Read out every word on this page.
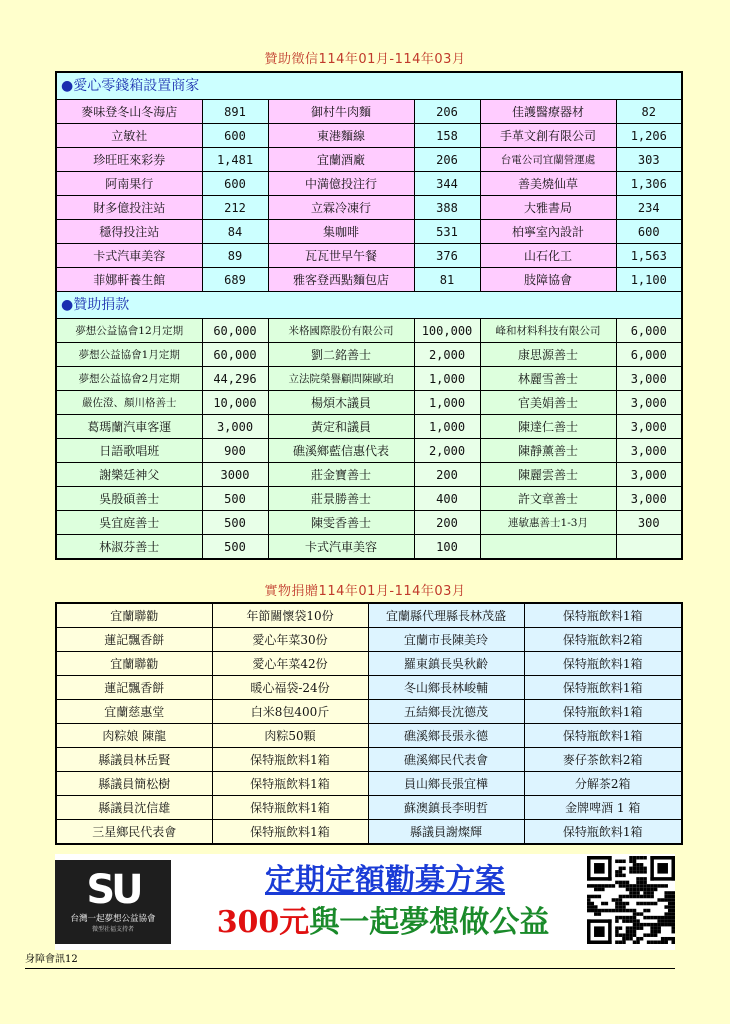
贊助徵信114年01月-114年03月
●愛心零錢箱設置商家					
麥味登冬山冬海店	891	御村牛肉麵	206	佳護醫療器材	82
立敏社	600	東港麵線	158	手革文創有限公司	1,206
珍旺旺來彩券	1,481	宜蘭酒廠	206	台電公司宜蘭營運處	303
阿南果行	600	中満億投注行	344	善美燒仙草	1,306
財多億投注站	212	立霖冷凍行	388	大雅書局	234
穩得投注站	84	集咖啡	531	柏寧室內設計	600
卡式汽車美容	89	瓦瓦世早午餐	376	山石化工	1,563
菲娜軒養生館	689	雅客登西點麵包店	81	肢障協會	1,100
●贊助捐款					
夢想公益協會12月定期	60,000	米格國際股份有限公司	100,000	峰和材料科技有限公司	6,000
夢想公益協會1月定期	60,000	劉二銘善士	2,000	康思源善士	6,000
夢想公益協會2月定期	44,296	立法院榮譽顧問陳歐珀	1,000	林麗雪善士	3,000
嚴佐澄、顏川格善士	10,000	楊煩木議員	1,000	官美娟善士	3,000
葛瑪蘭汽車客運	3,000	黃定和議員	1,000	陳達仁善士	3,000
日語歌唱班	900	礁溪鄉藍信惠代表	2,000	陳靜薰善士	3,000
謝樂廷神父	3000	莊金寶善士	200	陳麗雲善士	3,000
吳殷碩善士	500	莊景勝善士	400	許文章善士	3,000
吳宜庭善士	500	陳雯香善士	200	連敏惠善士1-3月	300
林淑芬善士	500	卡式汽車美容	100		
實物捐贈114年01月-114年03月
宜蘭聯勸	年節關懷袋10份	宜蘭縣代理縣長林茂盛	保特瓶飲料1箱
蓮記飄香餅	愛心年菜30份	宜蘭市長陳美玲	保特瓶飲料2箱
宜蘭聯勸	愛心年菜42份	羅東鎮長吳秋齡	保特瓶飲料1箱
蓮記飄香餅	暖心福袋-24份	冬山鄉長林峻輔	保特瓶飲料1箱
宜蘭慈惠堂	白米8包400斤	五結鄉長沈德茂	保特瓶飲料1箱
肉粽娘 陳龍	肉粽50顆	礁溪鄉長張永德	保特瓶飲料1箱
縣議員林岳賢	保特瓶飲料1箱	礁溪鄉民代表會	麥仔茶飲料2箱
縣議員簡松樹	保特瓶飲料1箱	員山鄉長張宜樺	分解茶2箱
縣議員沈信雄	保特瓶飲料1箱	蘇澳鎮長李明哲	金牌啤酒 1 箱
三星鄉民代表會	保特瓶飲料1箱	縣議員謝燦輝	保特瓶飲料1箱
SU
台灣一起夢想公益協會
微型社福支持者
定期定額勸募方案
300元與一起夢想做公益
身障會訊12
